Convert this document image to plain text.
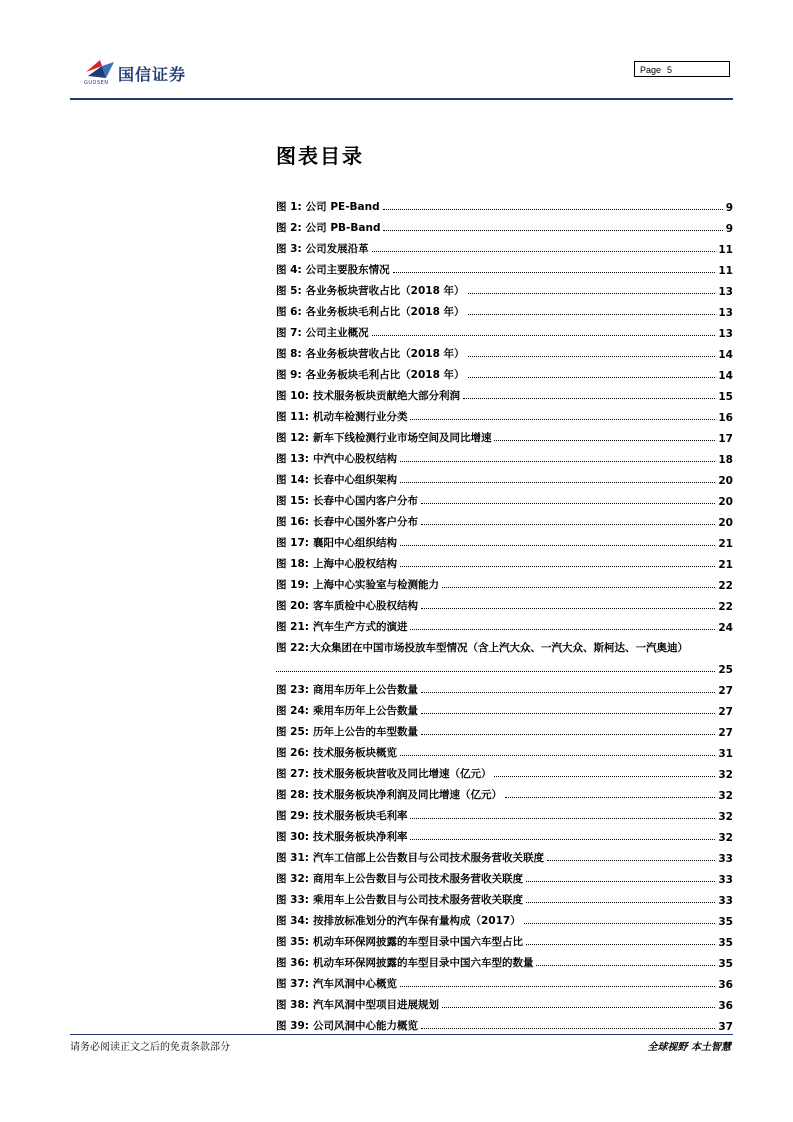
国信证券
GUOSEN
Page 5
图表目录
图 1: 公司 PE-Band	9
图 2: 公司 PB-Band	9
图 3: 公司发展沿革	11
图 4: 公司主要股东情况	11
图 5: 各业务板块营收占比（2018 年）	13
图 6: 各业务板块毛利占比（2018 年）	13
图 7: 公司主业概况	13
图 8: 各业务板块营收占比（2018 年）	14
图 9: 各业务板块毛利占比（2018 年）	14
图 10: 技术服务板块贡献绝大部分利润	15
图 11: 机动车检测行业分类	16
图 12: 新车下线检测行业市场空间及同比增速	17
图 13: 中汽中心股权结构	18
图 14: 长春中心组织架构	20
图 15: 长春中心国内客户分布	20
图 16: 长春中心国外客户分布	20
图 17: 襄阳中心组织结构	21
图 18: 上海中心股权结构	21
图 19: 上海中心实验室与检测能力	22
图 20: 客车质检中心股权结构	22
图 21: 汽车生产方式的演进	24
图 22: 大众集团在中国市场投放车型情况（含上汽大众、一汽大众、斯柯达、一汽奥迪）
25
图 23: 商用车历年上公告数量	27
图 24: 乘用车历年上公告数量	27
图 25: 历年上公告的车型数量	27
图 26: 技术服务板块概览	31
图 27: 技术服务板块营收及同比增速（亿元）	32
图 28: 技术服务板块净利润及同比增速（亿元）	32
图 29: 技术服务板块毛利率	32
图 30: 技术服务板块净利率	32
图 31: 汽车工信部上公告数目与公司技术服务营收关联度	33
图 32: 商用车上公告数目与公司技术服务营收关联度	33
图 33: 乘用车上公告数目与公司技术服务营收关联度	33
图 34: 按排放标准划分的汽车保有量构成（2017）	35
图 35: 机动车环保网披露的车型目录中国六车型占比	35
图 36: 机动车环保网披露的车型目录中国六车型的数量	35
图 37: 汽车风洞中心概览	36
图 38: 汽车风洞中型项目进展规划	36
图 39: 公司风洞中心能力概览	37
请务必阅读正文之后的免责条款部分	全球视野 本土智慧
